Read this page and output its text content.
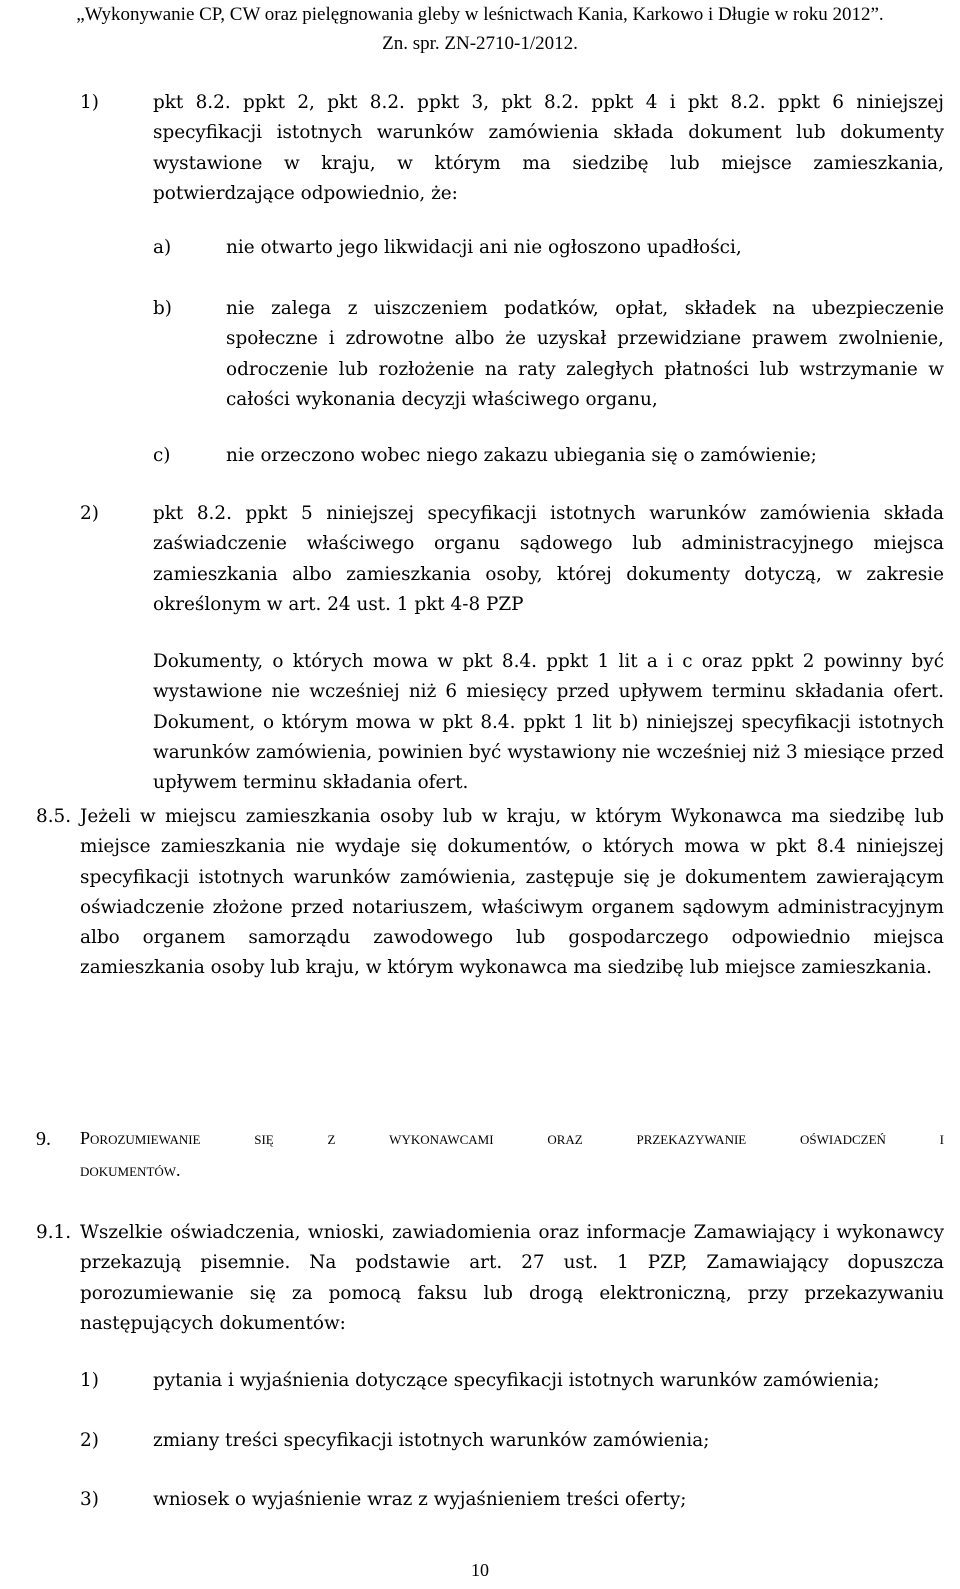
„Wykonywanie CP, CW oraz pielęgnowania gleby w leśnictwach Kania, Karkowo i Długie w roku 2012”.
Zn. spr. ZN-2710-1/2012.
1)	pkt 8.2. ppkt 2, pkt 8.2. ppkt 3, pkt 8.2. ppkt 4 i pkt 8.2. ppkt 6 niniejszej specyfikacji istotnych warunków zamówienia składa dokument lub dokumenty wystawione w kraju, w którym ma siedzibę lub miejsce zamieszkania, potwierdzające odpowiednio, że:
a)	nie otwarto jego likwidacji ani nie ogłoszono upadłości,
b)	nie zalega z uiszczeniem podatków, opłat, składek na ubezpieczenie społeczne i zdrowotne albo że uzyskał przewidziane prawem zwolnienie, odroczenie lub rozłożenie na raty zaległych płatności lub wstrzymanie w całości wykonania decyzji właściwego organu,
c)	nie orzeczono wobec niego zakazu ubiegania się o zamówienie;
2)	pkt 8.2. ppkt 5 niniejszej specyfikacji istotnych warunków zamówienia składa zaświadczenie właściwego organu sądowego lub administracyjnego miejsca zamieszkania albo zamieszkania osoby, której dokumenty dotyczą, w zakresie określonym w art. 24 ust. 1 pkt 4-8 PZP
Dokumenty, o których mowa w pkt 8.4. ppkt 1 lit a i c oraz ppkt 2 powinny być wystawione nie wcześniej niż 6 miesięcy przed upływem terminu składania ofert. Dokument, o którym mowa w pkt 8.4. ppkt 1 lit b) niniejszej specyfikacji istotnych warunków zamówienia, powinien być wystawiony nie wcześniej niż 3 miesiące przed upływem terminu składania ofert.
8.5. Jeżeli w miejscu zamieszkania osoby lub w kraju, w którym Wykonawca ma siedzibę lub miejsce zamieszkania nie wydaje się dokumentów, o których mowa w pkt 8.4 niniejszej specyfikacji istotnych warunków zamówienia, zastępuje się je dokumentem zawierającym oświadczenie złożone przed notariuszem, właściwym organem sądowym administracyjnym albo organem samorządu zawodowego lub gospodarczego odpowiednio miejsca zamieszkania osoby lub kraju, w którym wykonawca ma siedzibę lub miejsce zamieszkania.
9. Porozumiewanie się z wykonawcami oraz przekazywanie oświadczeń i
dokumentów.
9.1. Wszelkie oświadczenia, wnioski, zawiadomienia oraz informacje Zamawiający i wykonawcy przekazują pisemnie. Na podstawie art. 27 ust. 1 PZP, Zamawiający dopuszcza porozumiewanie się za pomocą faksu lub drogą elektroniczną, przy przekazywaniu następujących dokumentów:
1)	pytania i wyjaśnienia dotyczące specyfikacji istotnych warunków zamówienia;
2)	zmiany treści specyfikacji istotnych warunków zamówienia;
3)	wniosek o wyjaśnienie wraz z wyjaśnieniem treści oferty;
10
